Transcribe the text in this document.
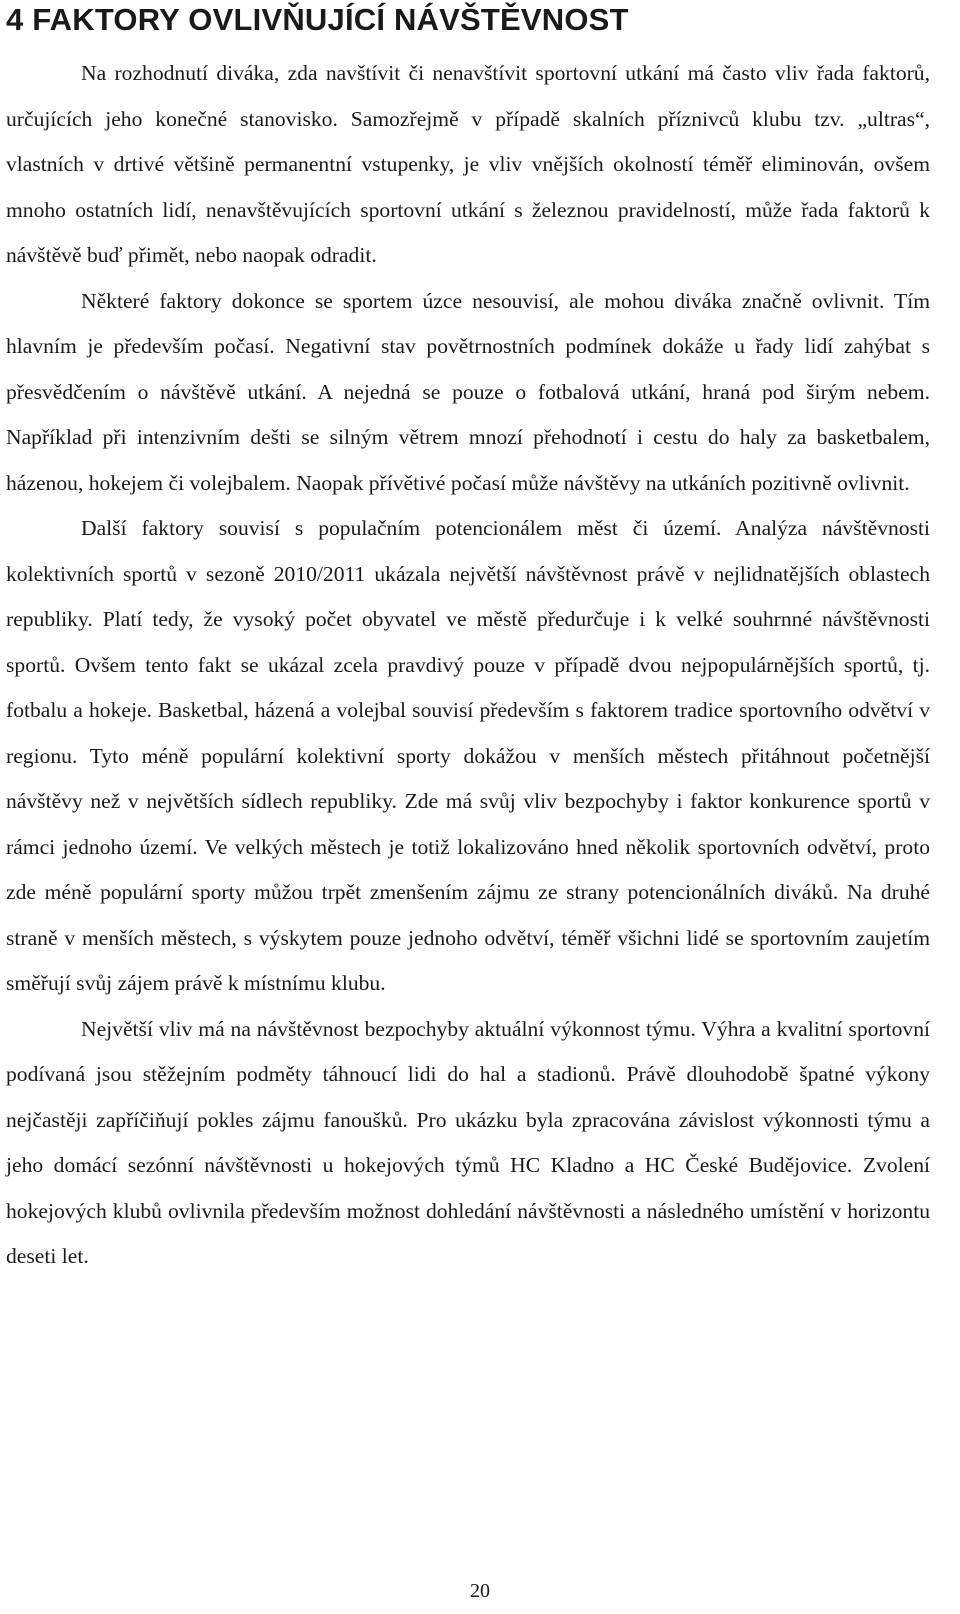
4 FAKTORY OVLIVŇUJÍCÍ NÁVŠTĚVNOST

Na rozhodnutí diváka, zda navštívit či nenavštívit sportovní utkání má často vliv řada faktorů, určujících jeho konečné stanovisko. Samozřejmě v případě skalních příznivců klubu tzv. „ultras“, vlastních v drtivé většině permanentní vstupenky, je vliv vnějších okolností téměř eliminován, ovšem mnoho ostatních lidí, nenavštěvujících sportovní utkání s železnou pravidelností, může řada faktorů k návštěvě buď přimět, nebo naopak odradit.

Některé faktory dokonce se sportem úzce nesouvisí, ale mohou diváka značně ovlivnit. Tím hlavním je především počasí. Negativní stav povětrnostních podmínek dokáže u řady lidí zahýbat s přesvědčením o návštěvě utkání. A nejedná se pouze o fotbalová utkání, hraná pod širým nebem. Například při intenzivním dešti se silným větrem mnozí přehodnotí i cestu do haly za basketbalem, házenou, hokejem či volejbalem. Naopak přívětivé počasí může návštěvy na utkáních pozitivně ovlivnit.

Další faktory souvisí s populačním potencionálem měst či území. Analýza návštěvnosti kolektivních sportů v sezoně 2010/2011 ukázala největší návštěvnost právě v nejlidnatějších oblastech republiky. Platí tedy, že vysoký počet obyvatel ve městě předurčuje i k velké souhrnné návštěvnosti sportů. Ovšem tento fakt se ukázal zcela pravdivý pouze v případě dvou nejpopulárnějších sportů, tj. fotbalu a hokeje. Basketbal, házená a volejbal souvisí především s faktorem tradice sportovního odvětví v regionu. Tyto méně populární kolektivní sporty dokážou v menších městech přitáhnout početnější návštěvy než v největších sídlech republiky. Zde má svůj vliv bezpochyby i faktor konkurence sportů v rámci jednoho území. Ve velkých městech je totiž lokalizováno hned několik sportovních odvětví, proto zde méně populární sporty můžou trpět zmenšením zájmu ze strany potencionálních diváků. Na druhé straně v menších městech, s výskytem pouze jednoho odvětví, téměř všichni lidé se sportovním zaujetím směřují svůj zájem právě k místnímu klubu.

Největší vliv má na návštěvnost bezpochyby aktuální výkonnost týmu. Výhra a kvalitní sportovní podívaná jsou stěžejním podměty táhnoucí lidi do hal a stadionů. Právě dlouhodobě špatné výkony nejčastěji zapříčiňují pokles zájmu fanoušků. Pro ukázku byla zpracována závislost výkonnosti týmu a jeho domácí sezónní návštěvnosti u hokejových týmů HC Kladno a HC České Budějovice. Zvolení hokejových klubů ovlivnila především možnost dohledání návštěvnosti a následného umístění v horizontu deseti let.

20
